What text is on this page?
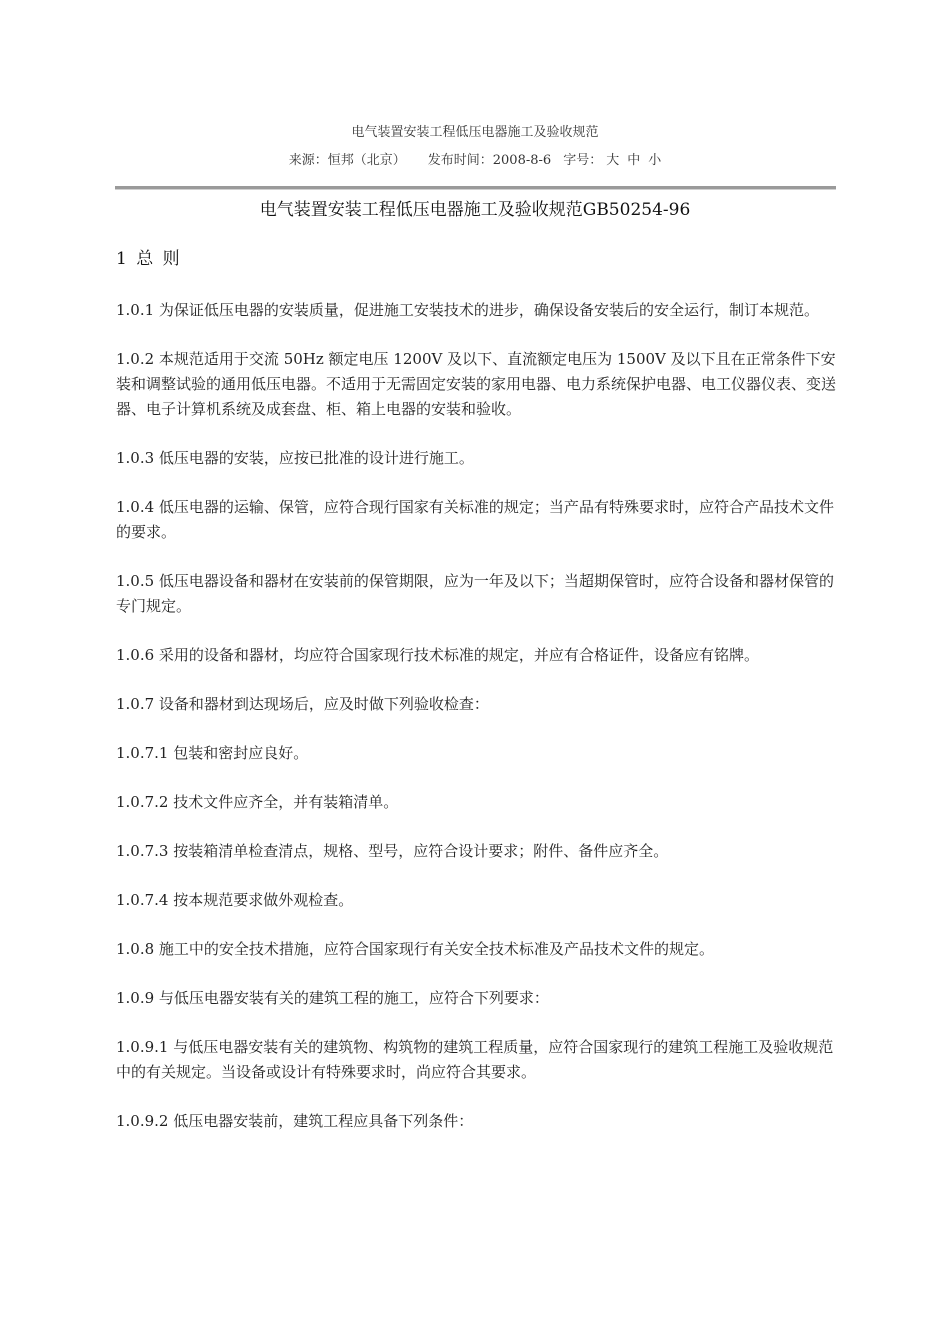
电气装置安装工程低压电器施工及验收规范
来源：恒邦（北京） 发布时间：2008-8-6 字号： 大 中 小
电气装置安装工程低压电器施工及验收规范GB50254-96
1 总 则

1.0.1 为保证低压电器的安装质量，促进施工安装技术的进步，确保设备安装后的安全运行，制订本规范。

1.0.2 本规范适用于交流 50Hz 额定电压 1200V 及以下、直流额定电压为 1500V 及以下且在正常条件下安装和调整试验的通用低压电器。不适用于无需固定安装的家用电器、电力系统保护电器、电工仪器仪表、变送器、电子计算机系统及成套盘、柜、箱上电器的安装和验收。

1.0.3 低压电器的安装，应按已批准的设计进行施工。

1.0.4 低压电器的运输、保管，应符合现行国家有关标准的规定；当产品有特殊要求时，应符合产品技术文件的要求。

1.0.5 低压电器设备和器材在安装前的保管期限，应为一年及以下；当超期保管时，应符合设备和器材保管的专门规定。

1.0.6 采用的设备和器材，均应符合国家现行技术标准的规定，并应有合格证件，设备应有铭牌。

1.0.7 设备和器材到达现场后，应及时做下列验收检查：

1.0.7.1 包装和密封应良好。

1.0.7.2 技术文件应齐全，并有装箱清单。

1.0.7.3 按装箱清单检查清点，规格、型号，应符合设计要求；附件、备件应齐全。

1.0.7.4 按本规范要求做外观检查。

1.0.8 施工中的安全技术措施，应符合国家现行有关安全技术标准及产品技术文件的规定。

1.0.9 与低压电器安装有关的建筑工程的施工，应符合下列要求：

1.0.9.1 与低压电器安装有关的建筑物、构筑物的建筑工程质量，应符合国家现行的建筑工程施工及验收规范中的有关规定。当设备或设计有特殊要求时，尚应符合其要求。

1.0.9.2 低压电器安装前，建筑工程应具备下列条件：
